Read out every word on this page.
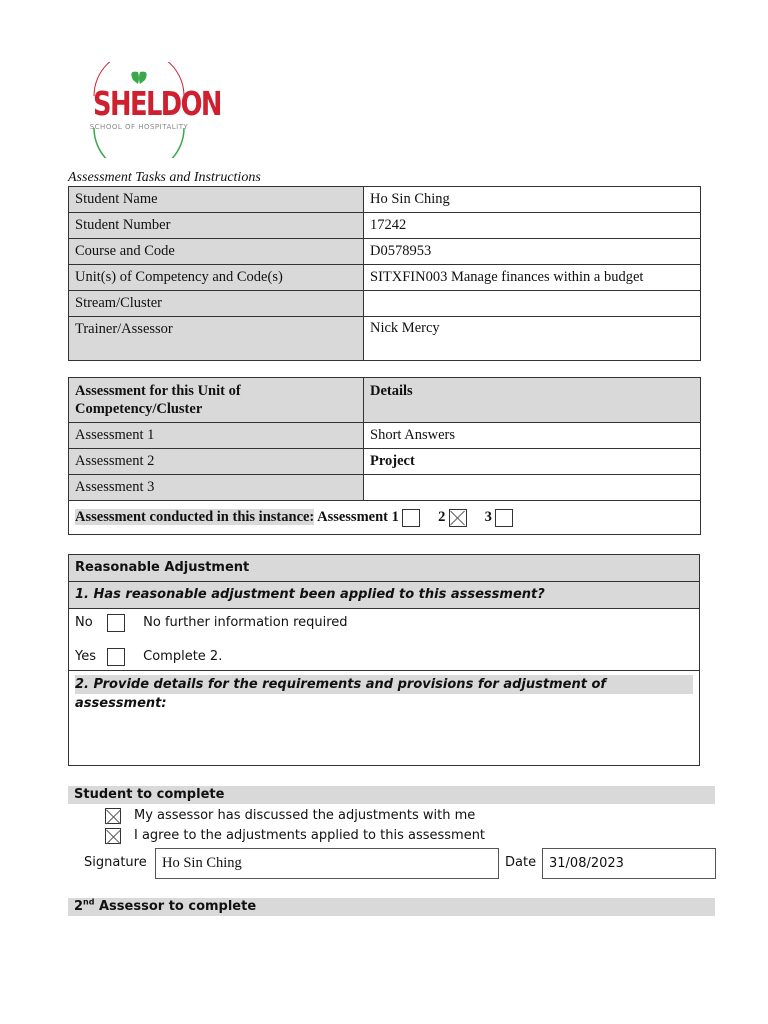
SHELDON
SCHOOL OF HOSPITALITY
Assessment Tasks and Instructions
Student Name	Ho Sin Ching
Student Number	17242
Course and Code	D0578953
Unit(s) of Competency and Code(s)	SITXFIN003 Manage finances within a budget
Stream/Cluster	
Trainer/Assessor	Nick Mercy
Assessment for this Unit of Competency/Cluster	Details
Assessment 1	Short Answers
Assessment 2	Project
Assessment 3	
Assessment conducted in this instance: Assessment 1 2 3	
Reasonable Adjustment
1. Has reasonable adjustment been applied to this assessment?
No	No further information required
Yes	Complete 2.
2. Provide details for the requirements and provisions for adjustment of assessment:
Student to complete
My assessor has discussed the adjustments with me
I agree to the adjustments applied to this assessment
Signature	Ho Sin Ching	Date 31/08/2023
2nd Assessor to complete
